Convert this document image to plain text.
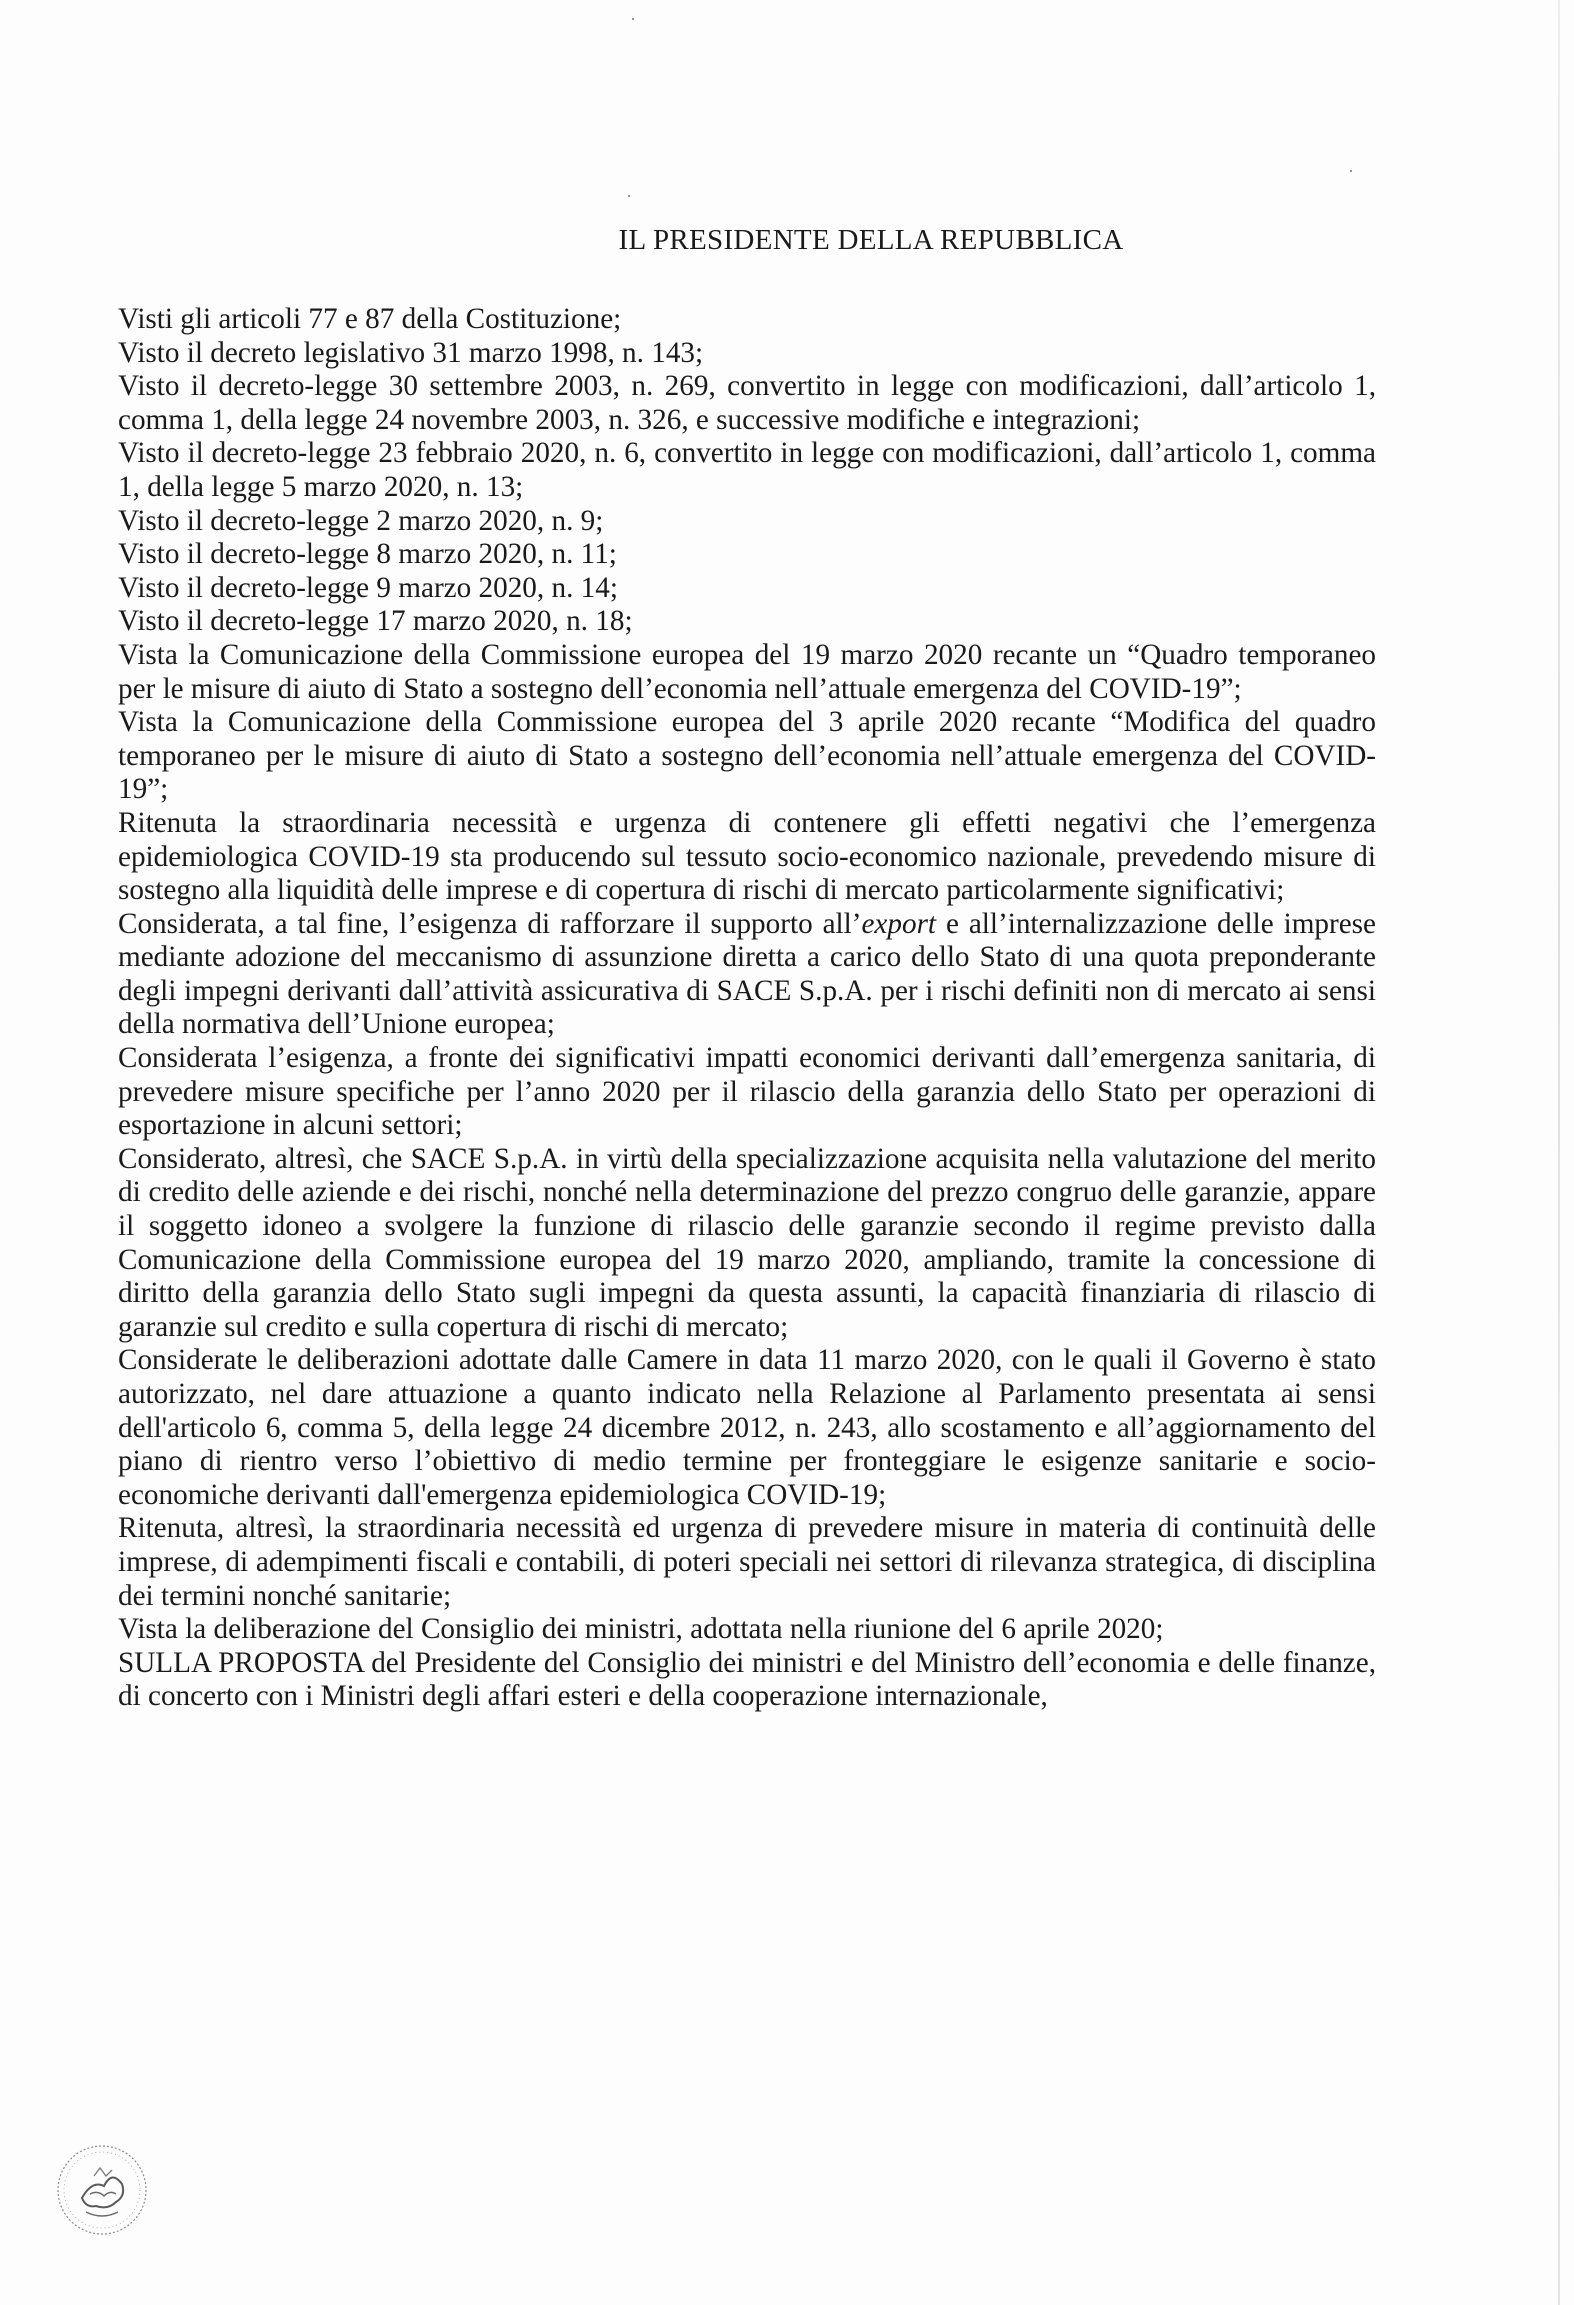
IL PRESIDENTE DELLA REPUBBLICA

Visti gli articoli 77 e 87 della Costituzione;

Visto il decreto legislativo 31 marzo 1998, n. 143;

Visto il decreto-legge 30 settembre 2003, n. 269, convertito in legge con modificazioni, dall’articolo 1, comma 1, della legge 24 novembre 2003, n. 326, e successive modifiche e integrazioni;

Visto il decreto-legge 23 febbraio 2020, n. 6, convertito in legge con modificazioni, dall’articolo 1, comma 1, della legge 5 marzo 2020, n. 13;

Visto il decreto-legge 2 marzo 2020, n. 9;

Visto il decreto-legge 8 marzo 2020, n. 11;

Visto il decreto-legge 9 marzo 2020, n. 14;

Visto il decreto-legge 17 marzo 2020, n. 18;

Vista la Comunicazione della Commissione europea del 19 marzo 2020 recante un “Quadro temporaneo per le misure di aiuto di Stato a sostegno dell’economia nell’attuale emergenza del COVID-19”;

Vista la Comunicazione della Commissione europea del 3 aprile 2020 recante “Modifica del quadro temporaneo per le misure di aiuto di Stato a sostegno dell’economia nell’attuale emergenza del COVID-19”;

Ritenuta la straordinaria necessità e urgenza di contenere gli effetti negativi che l’emergenza epidemiologica COVID-19 sta producendo sul tessuto socio-economico nazionale, prevedendo misure di sostegno alla liquidità delle imprese e di copertura di rischi di mercato particolarmente significativi;

Considerata, a tal fine, l’esigenza di rafforzare il supporto all’export e all’internalizzazione delle imprese mediante adozione del meccanismo di assunzione diretta a carico dello Stato di una quota preponderante degli impegni derivanti dall’attività assicurativa di SACE S.p.A. per i rischi definiti non di mercato ai sensi della normativa dell’Unione europea;

Considerata l’esigenza, a fronte dei significativi impatti economici derivanti dall’emergenza sanitaria, di prevedere misure specifiche per l’anno 2020 per il rilascio della garanzia dello Stato per operazioni di esportazione in alcuni settori;

Considerato, altresì, che SACE S.p.A. in virtù della specializzazione acquisita nella valutazione del merito di credito delle aziende e dei rischi, nonché nella determinazione del prezzo congruo delle garanzie, appare il soggetto idoneo a svolgere la funzione di rilascio delle garanzie secondo il regime previsto dalla Comunicazione della Commissione europea del 19 marzo 2020, ampliando, tramite la concessione di diritto della garanzia dello Stato sugli impegni da questa assunti, la capacità finanziaria di rilascio di garanzie sul credito e sulla copertura di rischi di mercato;

Considerate le deliberazioni adottate dalle Camere in data 11 marzo 2020, con le quali il Governo è stato autorizzato, nel dare attuazione a quanto indicato nella Relazione al Parlamento presentata ai sensi dell'articolo 6, comma 5, della legge 24 dicembre 2012, n. 243, allo scostamento e all’aggiornamento del piano di rientro verso l’obiettivo di medio termine per fronteggiare le esigenze sanitarie e socio-economiche derivanti dall'emergenza epidemiologica COVID-19;

Ritenuta, altresì, la straordinaria necessità ed urgenza di prevedere misure in materia di continuità delle imprese, di adempimenti fiscali e contabili, di poteri speciali nei settori di rilevanza strategica, di disciplina dei termini nonché sanitarie;

Vista la deliberazione del Consiglio dei ministri, adottata nella riunione del 6 aprile 2020;

SULLA PROPOSTA del Presidente del Consiglio dei ministri e del Ministro dell’economia e delle finanze, di concerto con i Ministri degli affari esteri e della cooperazione internazionale,
